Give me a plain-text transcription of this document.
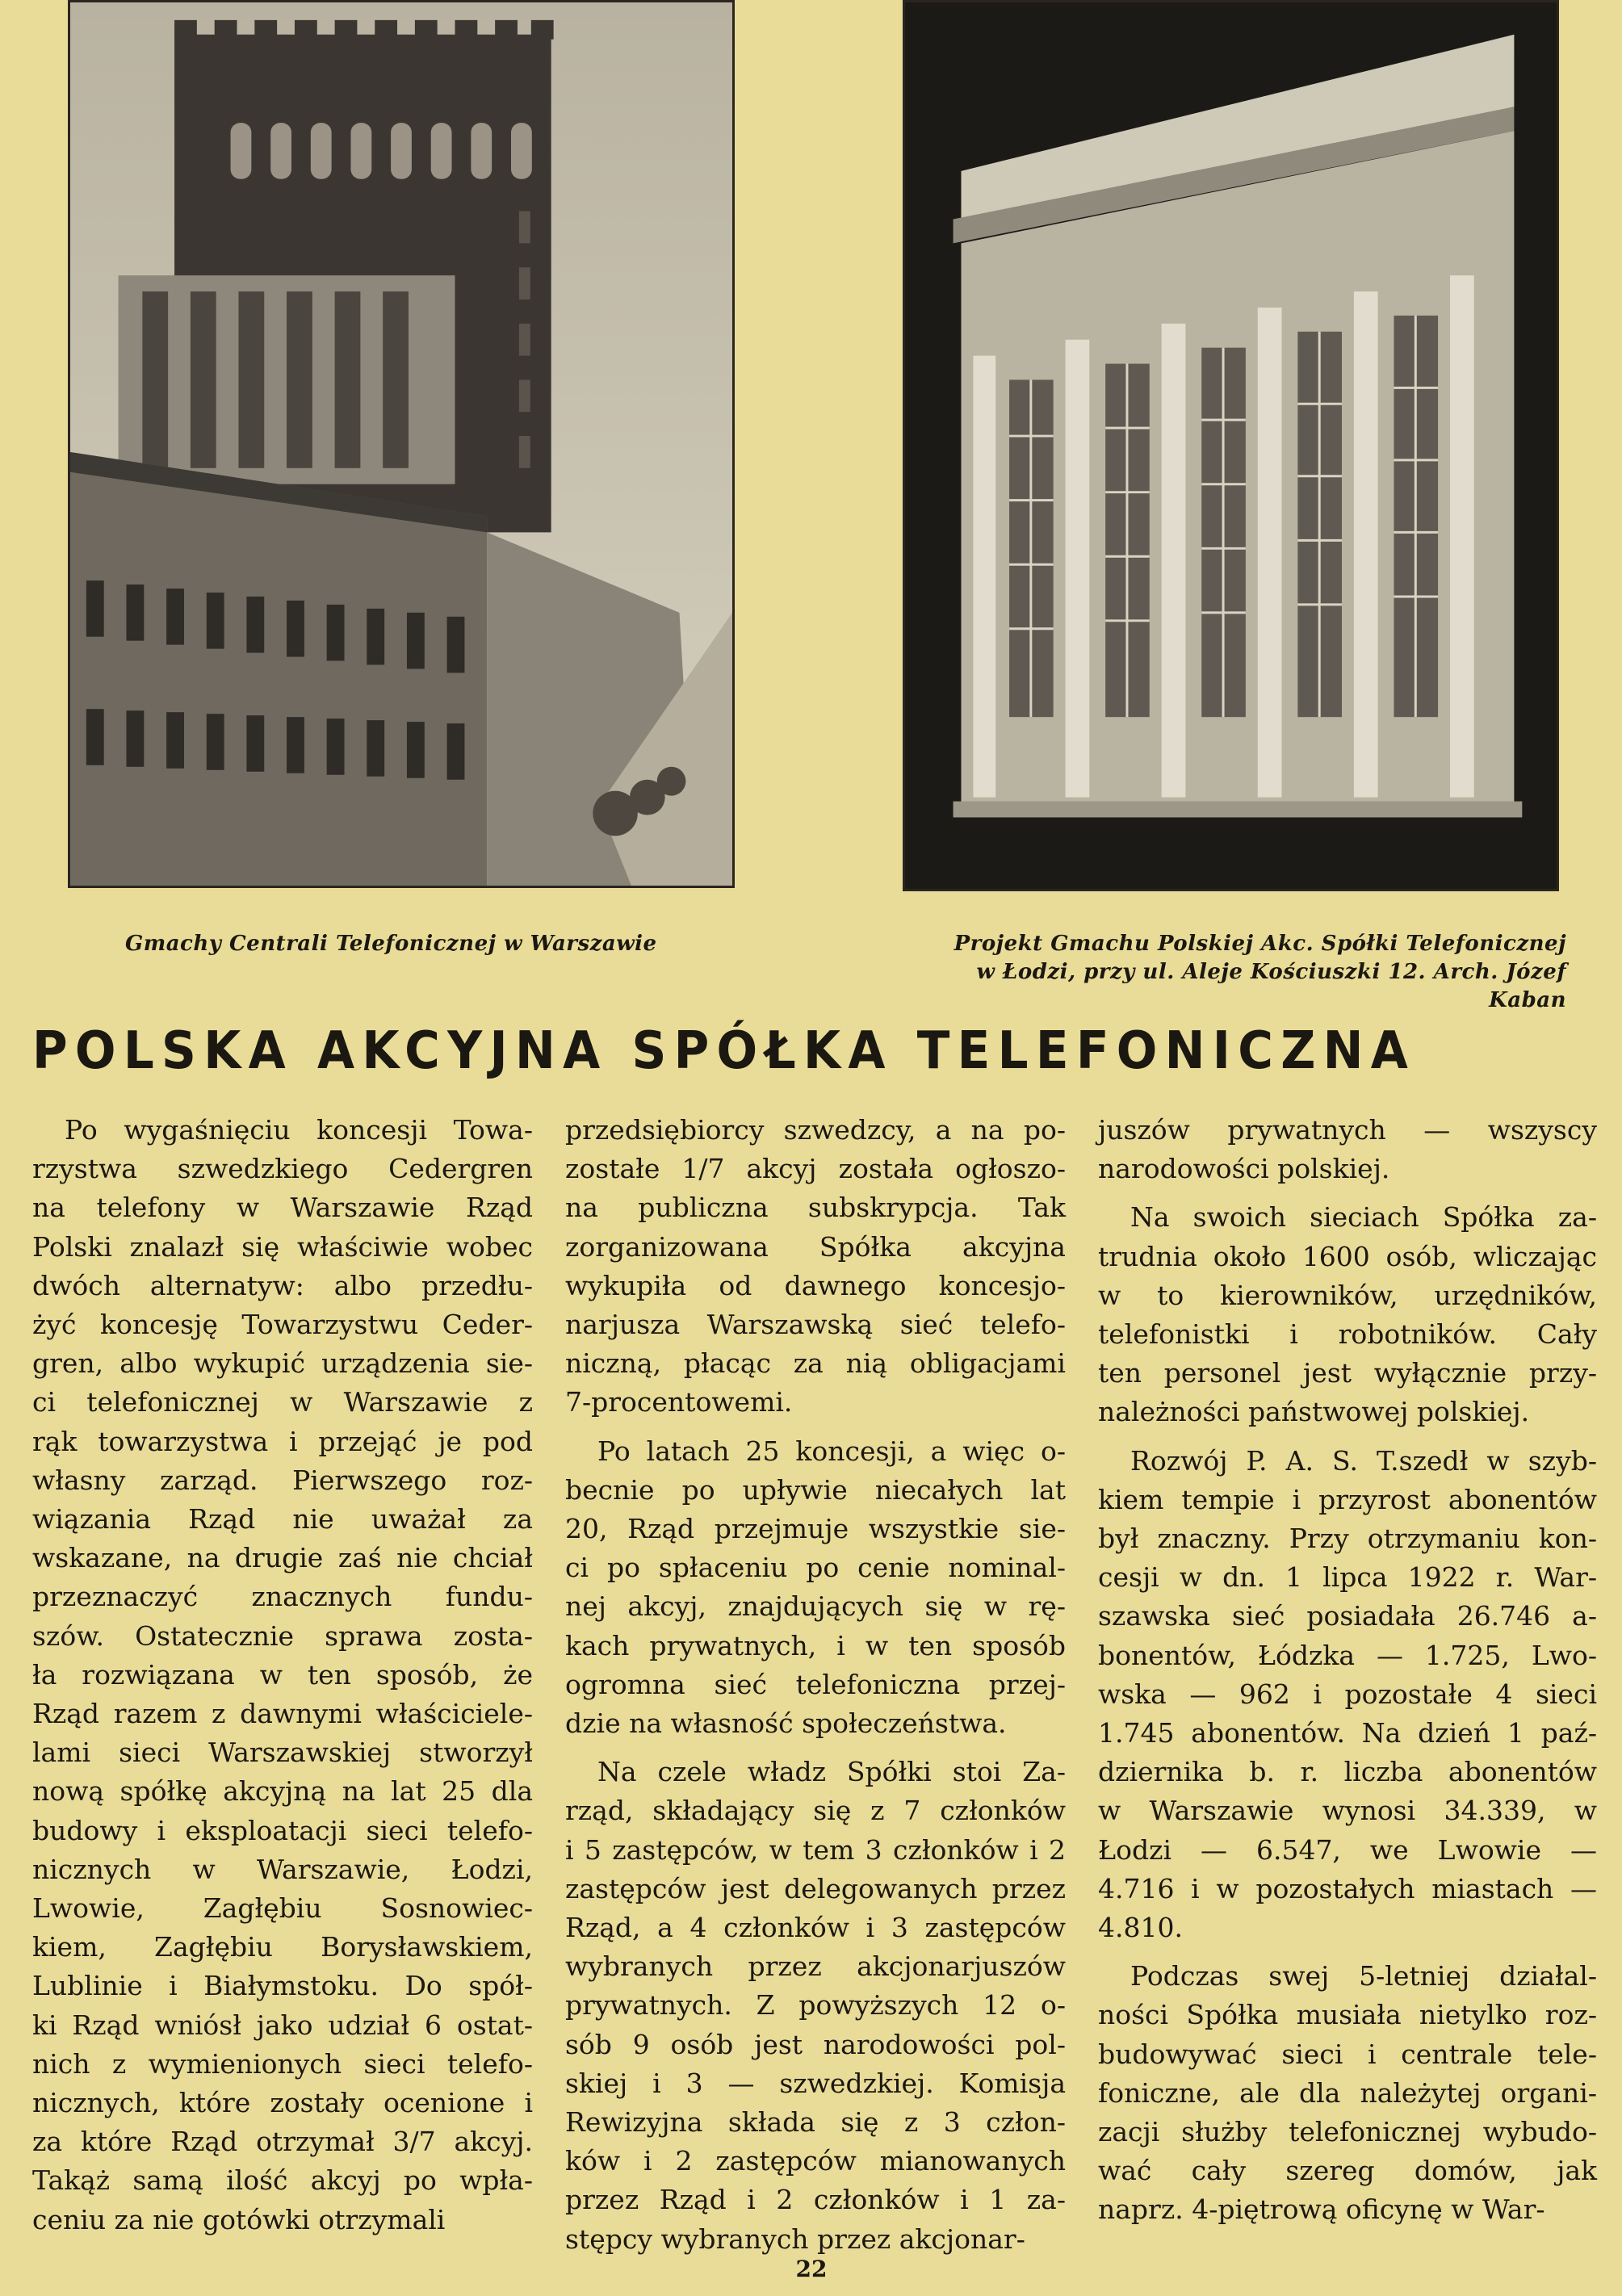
Gmachy Centrali Telefonicznej w Warszawie	Projekt Gmachu Polskiej Akc. Spółki Telefonicznej
w Łodzi, przy ul. Aleje Kościuszki 12. Arch. Józef Kaban
POLSKA AKCYJNA SPÓŁKA TELEFONICZNA
Po wygaśnięciu koncesji Towa-
rzystwa szwedzkiego Cedergren
na telefony w Warszawie Rząd
Polski znalazł się właściwie wobec
dwóch alternatyw: albo przedłu-
żyć koncesję Towarzystwu Ceder-
gren, albo wykupić urządzenia sie-
ci telefonicznej w Warszawie z
rąk towarzystwa i przejąć je pod
własny zarząd. Pierwszego roz-
wiązania Rząd nie uważał za
wskazane, na drugie zaś nie chciał
przeznaczyć znacznych fundu-
szów. Ostatecznie sprawa zosta-
ła rozwiązana w ten sposób, że
Rząd razem z dawnymi właściciele-
lami sieci Warszawskiej stworzył
nową spółkę akcyjną na lat 25 dla
budowy i eksploatacji sieci telefo-
nicznych w Warszawie, Łodzi,
Lwowie, Zagłębiu Sosnowiec-
kiem, Zagłębiu Borysławskiem,
Lublinie i Białymstoku. Do spół-
ki Rząd wniósł jako udział 6 ostat-
nich z wymienionych sieci telefo-
nicznych, które zostały ocenione i
za które Rząd otrzymał 3/7 akcyj.
Takąż samą ilość akcyj po wpła-
ceniu za nie gotówki otrzymali
przedsiębiorcy szwedzcy, a na po-
zostałe 1/7 akcyj została ogłoszo-
na publiczna subskrypcja. Tak
zorganizowana Spółka akcyjna
wykupiła od dawnego koncesjo-
narjusza Warszawską sieć telefo-
niczną, płacąc za nią obligacjami
7-procentowemi.
Po latach 25 koncesji, a więc o-
becnie po upływie niecałych lat
20, Rząd przejmuje wszystkie sie-
ci po spłaceniu po cenie nominal-
nej akcyj, znajdujących się w rę-
kach prywatnych, i w ten sposób
ogromna sieć telefoniczna przej-
dzie na własność społeczeństwa.
Na czele władz Spółki stoi Za-
rząd, składający się z 7 członków
i 5 zastępców, w tem 3 członków i 2
zastępców jest delegowanych przez
Rząd, a 4 członków i 3 zastępców
wybranych przez akcjonarjuszów
prywatnych. Z powyższych 12 o-
sób 9 osób jest narodowości pol-
skiej i 3 — szwedzkiej. Komisja
Rewizyjna składa się z 3 człon-
ków i 2 zastępców mianowanych
przez Rząd i 2 członków i 1 za-
stępcy wybranych przez akcjonar-
juszów prywatnych — wszyscy
narodowości polskiej.
Na swoich sieciach Spółka za-
trudnia około 1600 osób, wliczając
w to kierowników, urzędników,
telefonistki i robotników. Cały
ten personel jest wyłącznie przy-
należności państwowej polskiej.
Rozwój P. A. S. T.szedł w szyb-
kiem tempie i przyrost abonentów
był znaczny. Przy otrzymaniu kon-
cesji w dn. 1 lipca 1922 r. War-
szawska sieć posiadała 26.746 a-
bonentów, Łódzka — 1.725, Lwo-
wska — 962 i pozostałe 4 sieci
1.745 abonentów. Na dzień 1 paź-
dziernika b. r. liczba abonentów
w Warszawie wynosi 34.339, w
Łodzi — 6.547, we Lwowie —
4.716 i w pozostałych miastach —
4.810.
Podczas swej 5-letniej działal-
ności Spółka musiała nietylko roz-
budowywać sieci i centrale tele-
foniczne, ale dla należytej organi-
zacji służby telefonicznej wybudo-
wać cały szereg domów, jak
naprz. 4-piętrową oficynę w War-
22
